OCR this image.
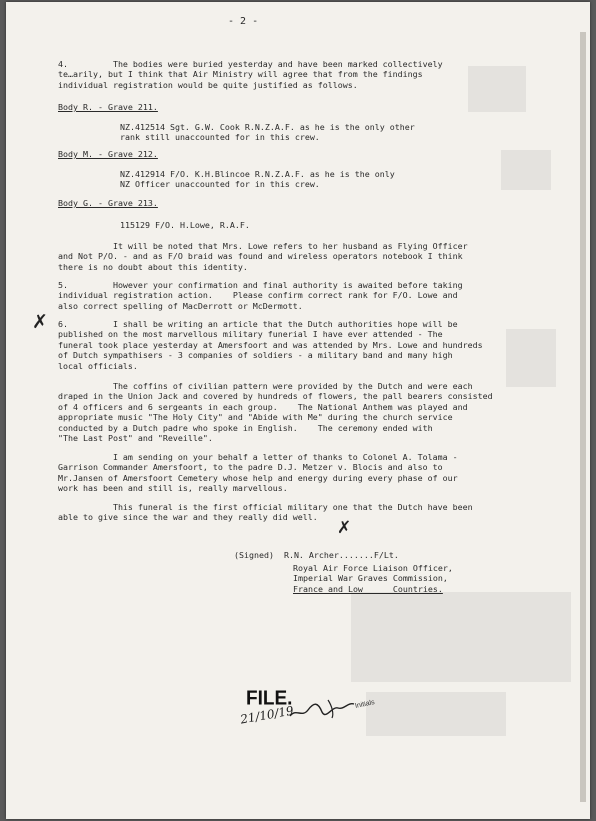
- 2 -
4.         The bodies were buried yesterday and have been marked collectively
te…arily, but I think that Air Ministry will agree that from the findings
individual registration would be quite justified as follows.
Body R. - Grave 211.
NZ.412514 Sgt. G.W. Cook R.N.Z.A.F. as he is the only other
rank still unaccounted for in this crew.
Body M. - Grave 212.
NZ.412914 F/O. K.H.Blincoe R.N.Z.A.F. as he is the only
NZ Officer unaccounted for in this crew.
Body G. - Grave 213.
115129 F/O. H.Lowe, R.A.F.
It will be noted that Mrs. Lowe refers to her husband as Flying Officer
and Not P/O. - and as F/O braid was found and wireless operators notebook I think
there is no doubt about this identity.
5.         However your confirmation and final authority is awaited before taking
individual registration action.    Please confirm correct rank for F/O. Lowe and
also correct spelling of MacDerrott or McDermott.
✗ 6.         I shall be writing an article that the Dutch authorities hope will be
published on the most marvellous military funerial I have ever attended - The
funeral took place yesterday at Amersfoort and was attended by Mrs. Lowe and hundreds
of Dutch sympathisers - 3 companies of soldiers - a military band and many high
local officials.
The coffins of civilian pattern were provided by the Dutch and were each
draped in the Union Jack and covered by hundreds of flowers, the pall bearers consisted
of 4 officers and 6 sergeants in each group.    The National Anthem was played and
appropriate music "The Holy City" and "Abide with Me" during the church service
conducted by a Dutch padre who spoke in English.    The ceremony ended with
"The Last Post" and "Reveille".
I am sending on your behalf a letter of thanks to Colonel A. Tolama -
Garrison Commander Amersfoort, to the padre D.J. Metzer v. Blocis and also to
Mr.Jansen of Amersfoort Cemetery whose help and energy during every phase of our
work has been and still is, really marvellous.
This funeral is the first official military one that the Dutch have been
able to give since the war and they really did well.
✗
(Signed)  R.N. Archer.......F/Lt.
Royal Air Force Liaison Officer,
Imperial War Graves Commission,
France and Low      Countries.
FILE.
21/10/19	Initials
